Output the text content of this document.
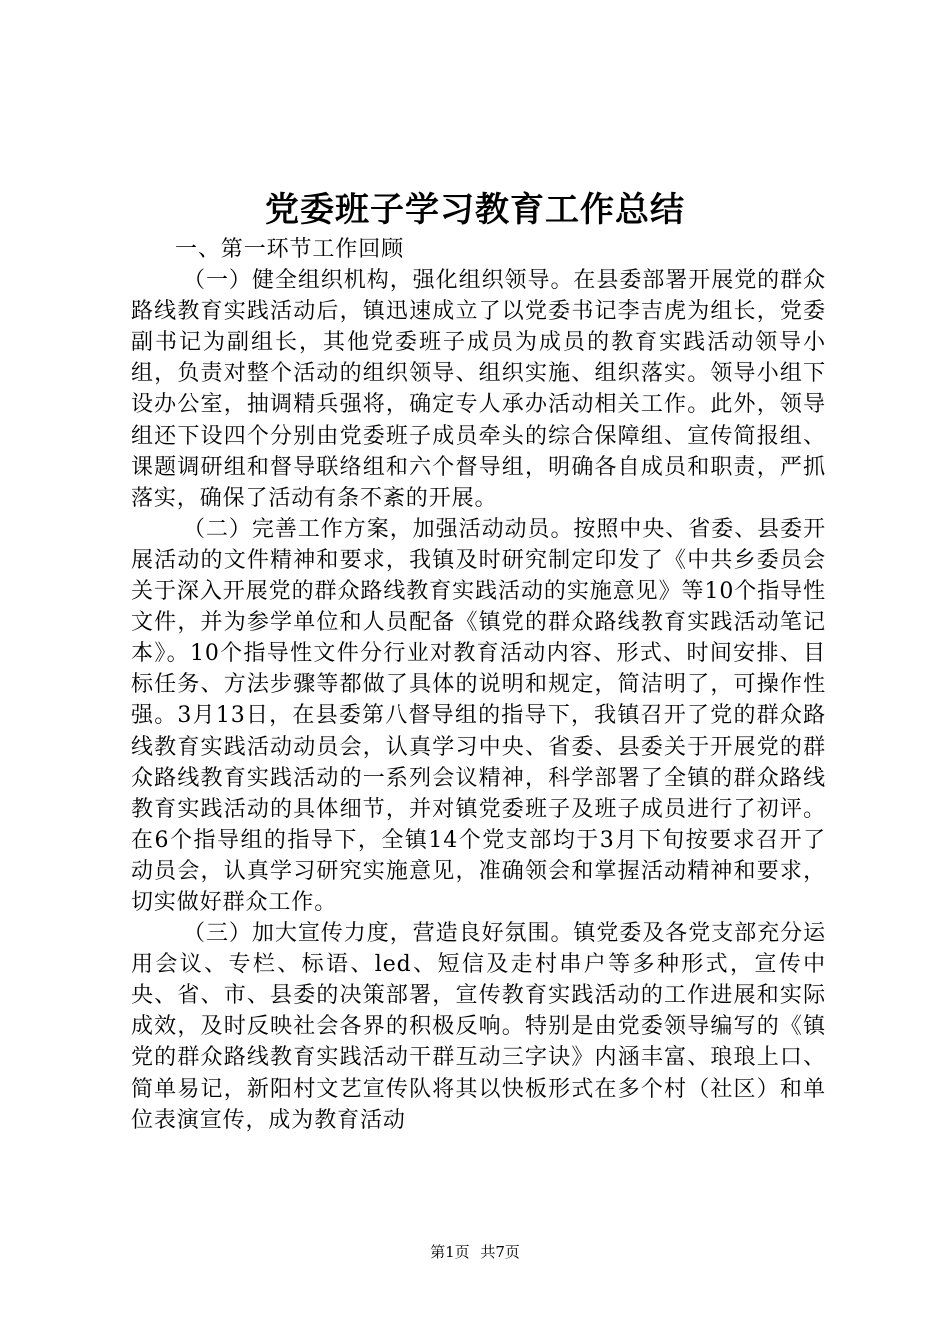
党委班子学习教育工作总结
一、第一环节工作回顾

（一）健全组织机构，强化组织领导。在县委部署开展党的群众路线教育实践活动后，镇迅速成立了以党委书记李吉虎为组长，党委副书记为副组长，其他党委班子成员为成员的教育实践活动领导小组，负责对整个活动的组织领导、组织实施、组织落实。领导小组下设办公室，抽调精兵强将，确定专人承办活动相关工作。此外，领导组还下设四个分别由党委班子成员牵头的综合保障组、宣传简报组、课题调研组和督导联络组和六个督导组，明确各自成员和职责，严抓落实，确保了活动有条不紊的开展。

（二）完善工作方案，加强活动动员。按照中央、省委、县委开展活动的文件精神和要求，我镇及时研究制定印发了《中共乡委员会关于深入开展党的群众路线教育实践活动的实施意见》等10个指导性文件，并为参学单位和人员配备《镇党的群众路线教育实践活动笔记本》。10个指导性文件分行业对教育活动内容、形式、时间安排、目标任务、方法步骤等都做了具体的说明和规定，简洁明了，可操作性强。3月13日，在县委第八督导组的指导下，我镇召开了党的群众路线教育实践活动动员会，认真学习中央、省委、县委关于开展党的群众路线教育实践活动的一系列会议精神，科学部署了全镇的群众路线教育实践活动的具体细节，并对镇党委班子及班子成员进行了初评。在6个指导组的指导下，全镇14个党支部均于3月下旬按要求召开了动员会，认真学习研究实施意见，准确领会和掌握活动精神和要求，切实做好群众工作。

（三）加大宣传力度，营造良好氛围。镇党委及各党支部充分运用会议、专栏、标语、led、短信及走村串户等多种形式，宣传中央、省、市、县委的决策部署，宣传教育实践活动的工作进展和实际成效，及时反映社会各界的积极反响。特别是由党委领导编写的《镇党的群众路线教育实践活动干群互动三字诀》内涵丰富、琅琅上口、简单易记，新阳村文艺宣传队将其以快板形式在多个村（社区）和单位表演宣传，成为教育活动

第1页 共7页
